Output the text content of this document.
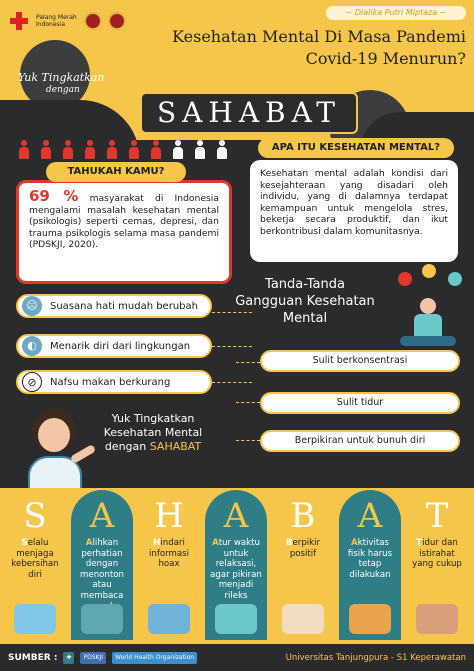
Palang Merah Indonesia
~ Dialika Putri Miptaza ~
Kesehatan Mental Di Masa Pandemi
Covid-19 Menurun?
Yuk Tingkatkan
dengan
SAHABAT
APA ITU KESEHATAN MENTAL?
Kesehatan mental adalah kondisi dari kesejahteraan yang disadari oleh individu, yang di dalamnya terdapat kemampuan untuk mengelola stres, bekerja secara produktif, dan ikut berkontribusi dalam komunitasnya.
69 % masyarakat di Indonesia mengalami masalah kesehatan mental (psikologis) seperti cemas, depresi, dan trauma psikologis selama masa pandemi (PDSKJI, 2020).
TAHUKAH KAMU?
Tanda-Tanda Gangguan Kesehatan Mental
☹	Suasana hati mudah berubah
◐	Menarik diri dari lingkungan
⊘	Nafsu makan berkurang
Sulit berkonsentrasi
Sulit tidur
Berpikiran untuk bunuh diri
Yuk Tingkatkan
Kesehatan Mental
dengan SAHABAT
S
Selalu menjaga kebersihan diri
A
Alihkan perhatian dengan menonton atau membaca
H
Hindari informasi hoax
A
Atur waktu untuk relaksasi, agar pikiran menjadi rileks
B
Berpikir positif
A
Aktivitas fisik harus tetap dilakukan
T
Tidur dan istirahat yang cukup
SUMBER :	✚	PDSKJI	World Health Organization	Universitas Tanjungpura - S1 Keperawatan
